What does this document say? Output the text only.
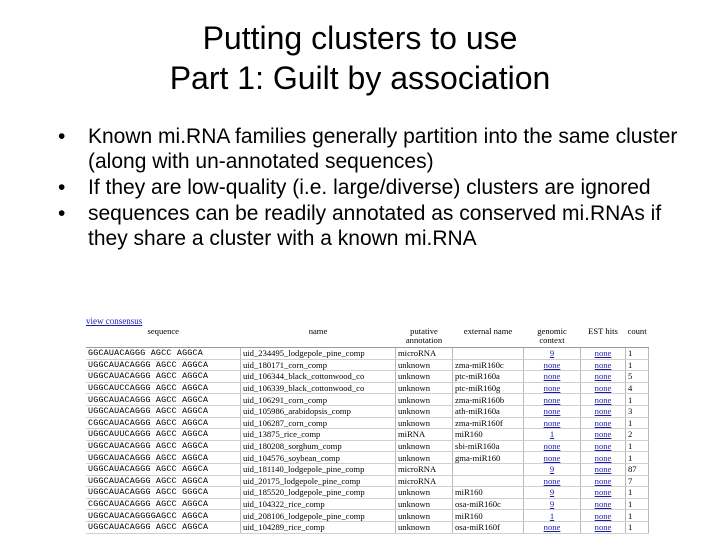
Putting clusters to use
Part 1: Guilt by association
• Known mi.RNA families generally partition into the same cluster (along with un-annotated sequences)
• If they are low-quality (i.e. large/diverse) clusters are ignored
• sequences can be readily annotated as conserved mi.RNAs if they share a cluster with a known mi.RNA
view consensus
sequence	name	putative annotation	external name	genomic context	EST hits	count
GGCAUACAGGG AGCC AGGCA	uid_234495_lodgepole_pine_comp	microRNA		9	none	1
UGGCAUACAGGG AGCC AGGCA	uid_180171_corn_comp	unknown	zma-miR160c	none	none	1
UGGCAUACAGGG AGCC AGGCA	uid_106344_black_cottonwood_co	unknown	ptc-miR160a	none	none	5
UGGCAUCCAGGG AGCC AGGCA	uid_106339_black_cottonwood_co	unknown	ptc-miR160g	none	none	4
UGGCAUACAGGG AGCC AGGCA	uid_106291_corn_comp	unknown	zma-miR160b	none	none	1
UGGCAUACAGGG AGCC AGGCA	uid_105986_arabidopsis_comp	unknown	ath-miR160a	none	none	3
CGGCAUACAGGG AGCC AGGCA	uid_106287_corn_comp	unknown	zma-miR160f	none	none	1
UGGCAUUCAGGG AGCC AGGCA	uid_13875_rice_comp	miRNA	miR160	1	none	2
UGGCAUACAGGG AGCC AGGCA	uid_180208_sorghum_comp	unknown	sbi-miR160a	none	none	1
UGGCAUACAGGG AGCC AGGCA	uid_104576_soybean_comp	unknown	gma-miR160	none	none	1
UGGCAUACAGGG AGCC AGGCA	uid_181140_lodgepole_pine_comp	microRNA		9	none	87
UGGCAUACAGGG AGCC AGGCA	uid_20175_lodgepole_pine_comp	microRNA		none	none	7
UGGCAUACAGGG AGCC GGGCA	uid_185520_lodgepole_pine_comp	unknown	miR160	9	none	1
CGGCAUACAGGG AGCC AGGCA	uid_104322_rice_comp	unknown	osa-miR160c	9	none	1
UGGCAUACAGGGGAGCC AGGCA	uid_208106_lodgepole_pine_comp	unknown	miR160	1	none	1
UGGCAUACAGGG AGCC AGGCA	uid_104289_rice_comp	unknown	osa-miR160f	none	none	1
